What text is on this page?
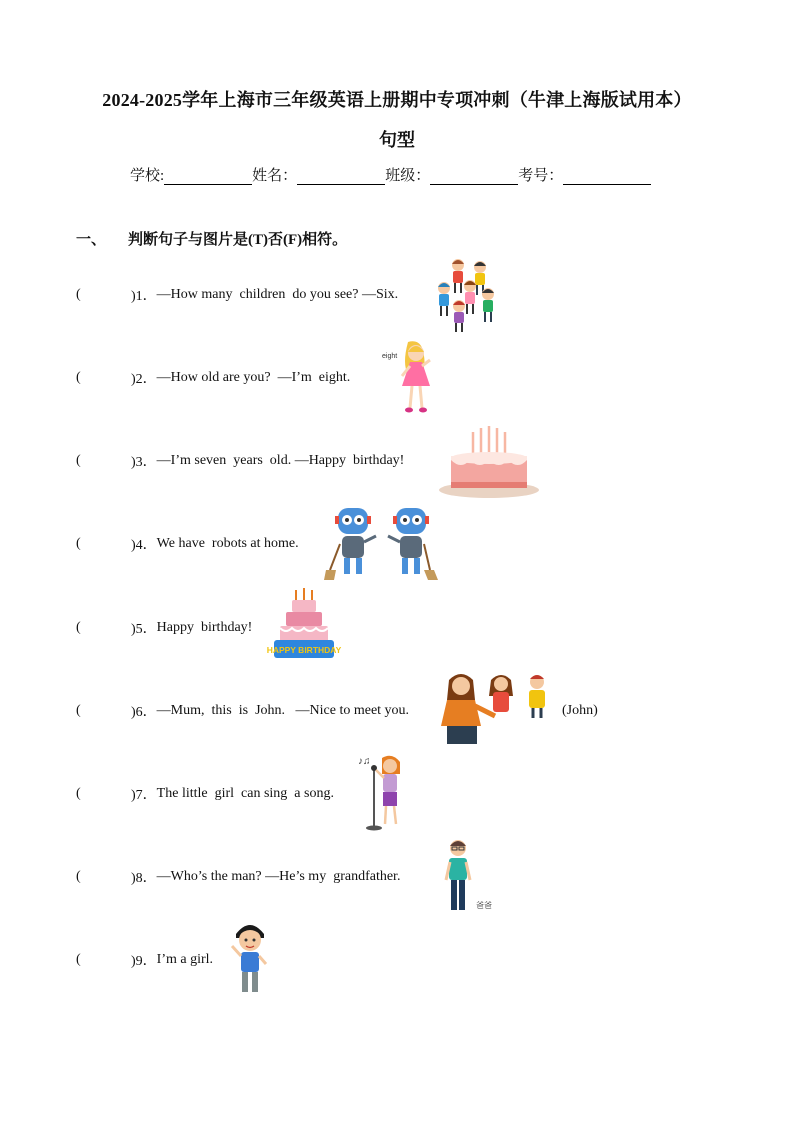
2024-2025学年上海市三年级英语上册期中专项冲刺（牛津上海版试用本）
句型
学校:	姓名：	班级：	考号：
一、 判断句子与图片是(T)否(F)相符。
(	)1． —How many  children  do you see? —Six.
(	)2． —How old are you?  —I’m  eight.
(	)3． —I’m seven  years  old. —Happy  birthday!
(	)4． We have  robots at home.
(	)5． Happy  birthday!
(	)6． —Mum,  this  is  John.   —Nice to meet you.
(	)7． The little  girl  can sing  a song.
(	)8． —Who’s the man? —He’s my  grandfather.
(	)9． I’m a girl.
eight
HAPPY BIRTHDAY
(John)
♪♫
爸爸
